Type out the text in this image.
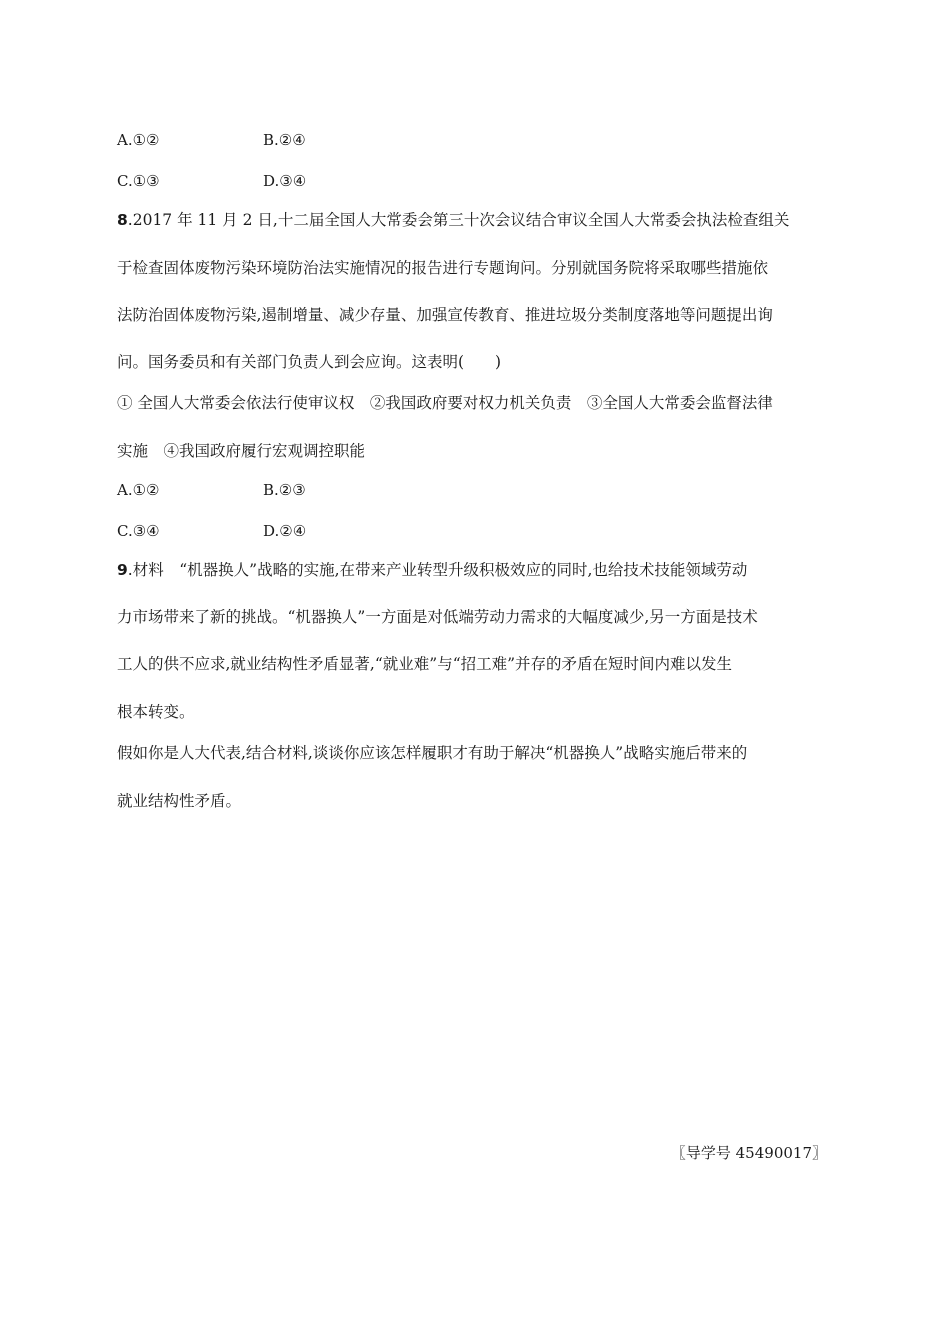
A.①②	B.②④
C.①③	D.③④
8.2017 年 11 月 2 日,十二届全国人大常委会第三十次会议结合审议全国人大常委会执法检查组关
于检查固体废物污染环境防治法实施情况的报告进行专题询问。分别就国务院将采取哪些措施依
法防治固体废物污染,遏制增量、减少存量、加强宣传教育、推进垃圾分类制度落地等问题提出询
问。国务委员和有关部门负责人到会应询。这表明(　　)
① 全国人大常委会依法行使审议权　②我国政府要对权力机关负责　③全国人大常委会监督法律
实施　④我国政府履行宏观调控职能
A.①②	B.②③
C.③④	D.②④
9.材料　“机器换人”战略的实施,在带来产业转型升级积极效应的同时,也给技术技能领域劳动
力市场带来了新的挑战。“机器换人”一方面是对低端劳动力需求的大幅度减少,另一方面是技术
工人的供不应求,就业结构性矛盾显著,“就业难”与“招工难”并存的矛盾在短时间内难以发生
根本转变。
假如你是人大代表,结合材料,谈谈你应该怎样履职才有助于解决“机器换人”战略实施后带来的
就业结构性矛盾。
〖导学号 45490017〗
